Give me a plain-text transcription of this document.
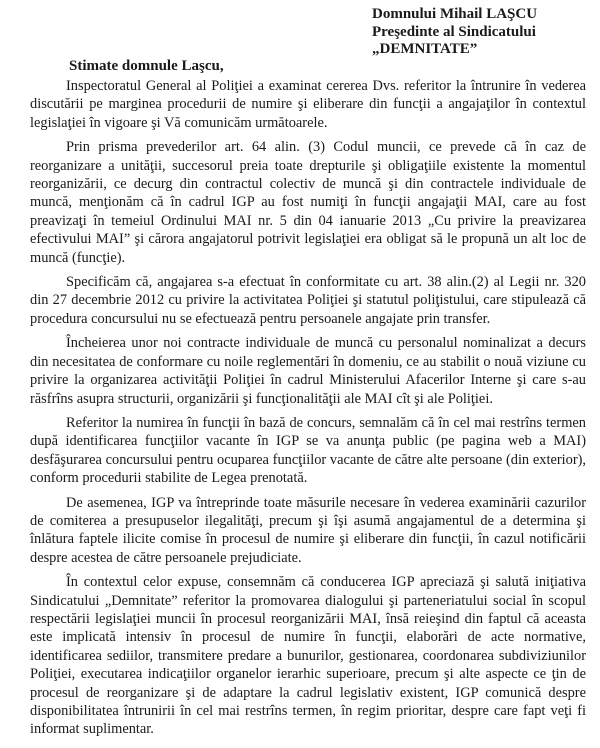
Domnului Mihail LAŞCU
Preşedinte al Sindicatului
„DEMNITATE”
Stimate domnule Laşcu,

Inspectoratul General al Poliţiei a examinat cererea Dvs. referitor la întrunire în vederea discutării pe marginea procedurii de numire şi eliberare din funcţii a angajaţilor în contextul legislaţiei în vigoare şi Vă comunicăm următoarele.

Prin prisma prevederilor art. 64 alin. (3) Codul muncii, ce prevede că în caz de reorganizare a unităţii, succesorul preia toate drepturile şi obligaţiile existente la momentul reorganizării, ce decurg din contractul colectiv de muncă şi din contractele individuale de muncă, menţionăm că în cadrul IGP au fost numiţi în funcţii angajaţii MAI, care au fost preavizaţi în temeiul Ordinului MAI nr. 5 din 04 ianuarie 2013 „Cu privire la preavizarea efectivului MAI” şi cărora angajatorul potrivit legislaţiei era obligat să le propună un alt loc de muncă (funcţie).

Specificăm că, angajarea s-a efectuat în conformitate cu art. 38 alin.(2) al Legii nr. 320 din 27 decembrie 2012 cu privire la activitatea Poliţiei şi statutul poliţistului, care stipulează că procedura concursului nu se efectuează pentru persoanele angajate prin transfer.

Încheierea unor noi contracte individuale de muncă cu personalul nominalizat a decurs din necesitatea de conformare cu noile reglementări în domeniu, ce au stabilit o nouă viziune cu privire la organizarea activităţii Poliţiei în cadrul Ministerului Afacerilor Interne şi care s-au răsfrîns asupra structurii, organizării şi funcţionalităţii ale MAI cît şi ale Poliţiei.

Referitor la numirea în funcţii în bază de concurs, semnalăm că în cel mai restrîns termen după identificarea funcţiilor vacante în IGP se va anunţa public (pe pagina web a MAI) desfăşurarea concursului pentru ocuparea funcţiilor vacante de către alte persoane (din exterior), conform procedurii stabilite de Legea prenotată.

De asemenea, IGP va întreprinde toate măsurile necesare în vederea examinării cazurilor de comiterea a presupuselor ilegalităţi, precum şi îşi asumă angajamentul de a determina şi înlătura faptele ilicite comise în procesul de numire şi eliberare din funcţii, în cazul notificării despre acestea de către persoanele prejudiciate.

În contextul celor expuse, consemnăm că conducerea IGP apreciază şi salută iniţiativa Sindicatului „Demnitate” referitor la promovarea dialogului şi parteneriatului social în scopul respectării legislaţiei muncii în procesul reorganizării MAI, însă reieşind din faptul că aceasta este implicată intensiv în procesul de numire în funcţii, elaborări de acte normative, identificarea sediilor, transmitere predare a bunurilor, gestionarea, coordonarea subdiviziunilor Poliţiei, executarea indicaţiilor organelor ierarhic superioare, precum şi alte aspecte ce ţin de procesul de reorganizare şi de adaptare la cadrul legislativ existent, IGP comunică despre disponibilitatea întrunirii în cel mai restrîns termen, în regim prioritar, despre care fapt veţi fi informat suplimentar.
